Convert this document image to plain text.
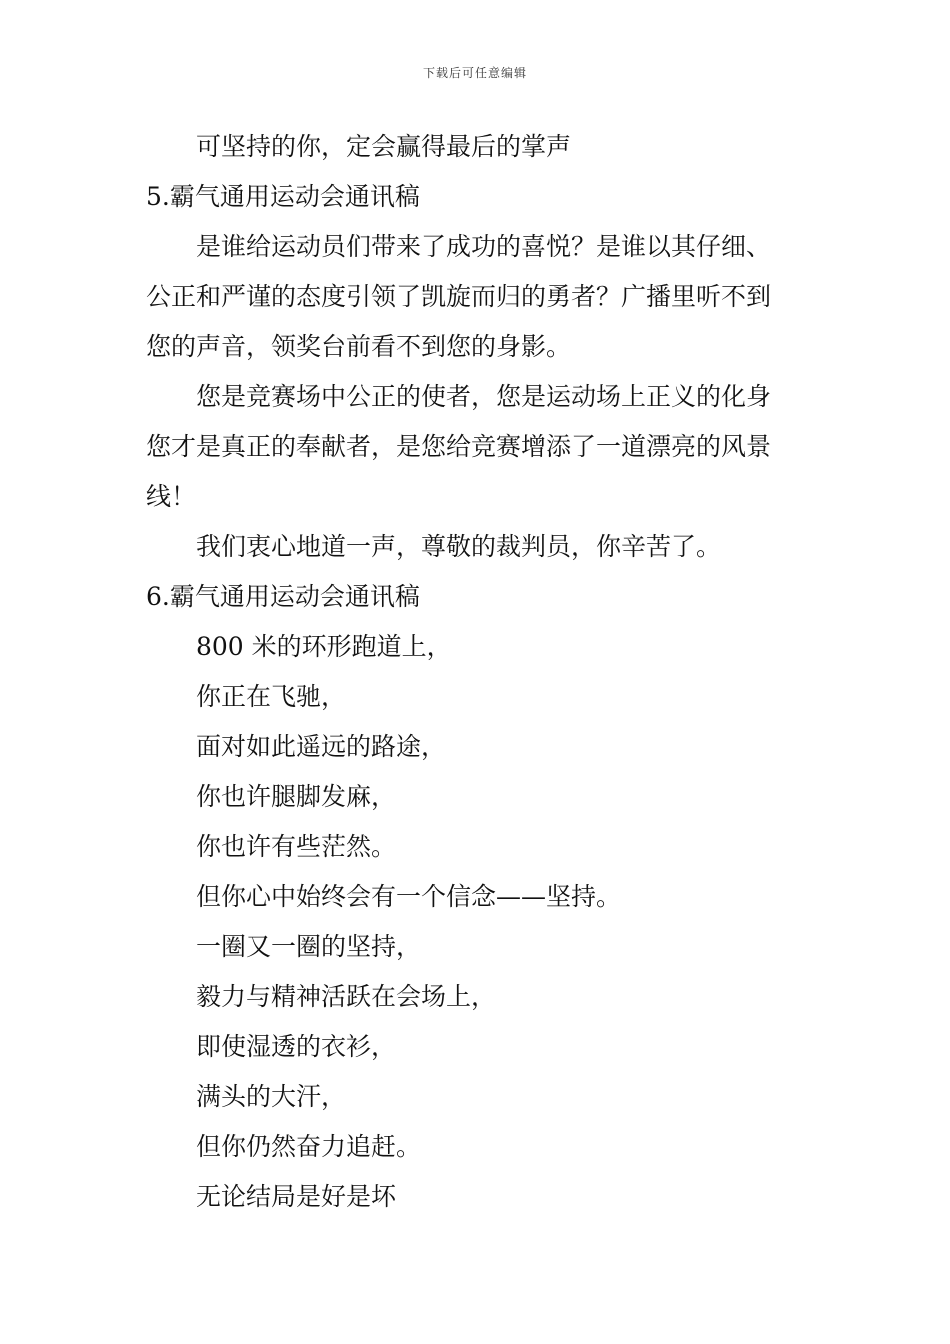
下载后可任意编辑
可坚持的你，定会赢得最后的掌声
5.霸气通用运动会通讯稿
是谁给运动员们带来了成功的喜悦？是谁以其仔细、
公正和严谨的态度引领了凯旋而归的勇者？广播里听不到
您的声音，领奖台前看不到您的身影。
您是竞赛场中公正的使者，您是运动场上正义的化身
您才是真正的奉献者，是您给竞赛增添了一道漂亮的风景
线！
我们衷心地道一声，尊敬的裁判员，你辛苦了。
6.霸气通用运动会通讯稿
800 米的环形跑道上，
你正在飞驰，
面对如此遥远的路途，
你也许腿脚发麻，
你也许有些茫然。
但你心中始终会有一个信念——坚持。
一圈又一圈的坚持，
毅力与精神活跃在会场上，
即使湿透的衣衫，
满头的大汗，
但你仍然奋力追赶。
无论结局是好是坏
